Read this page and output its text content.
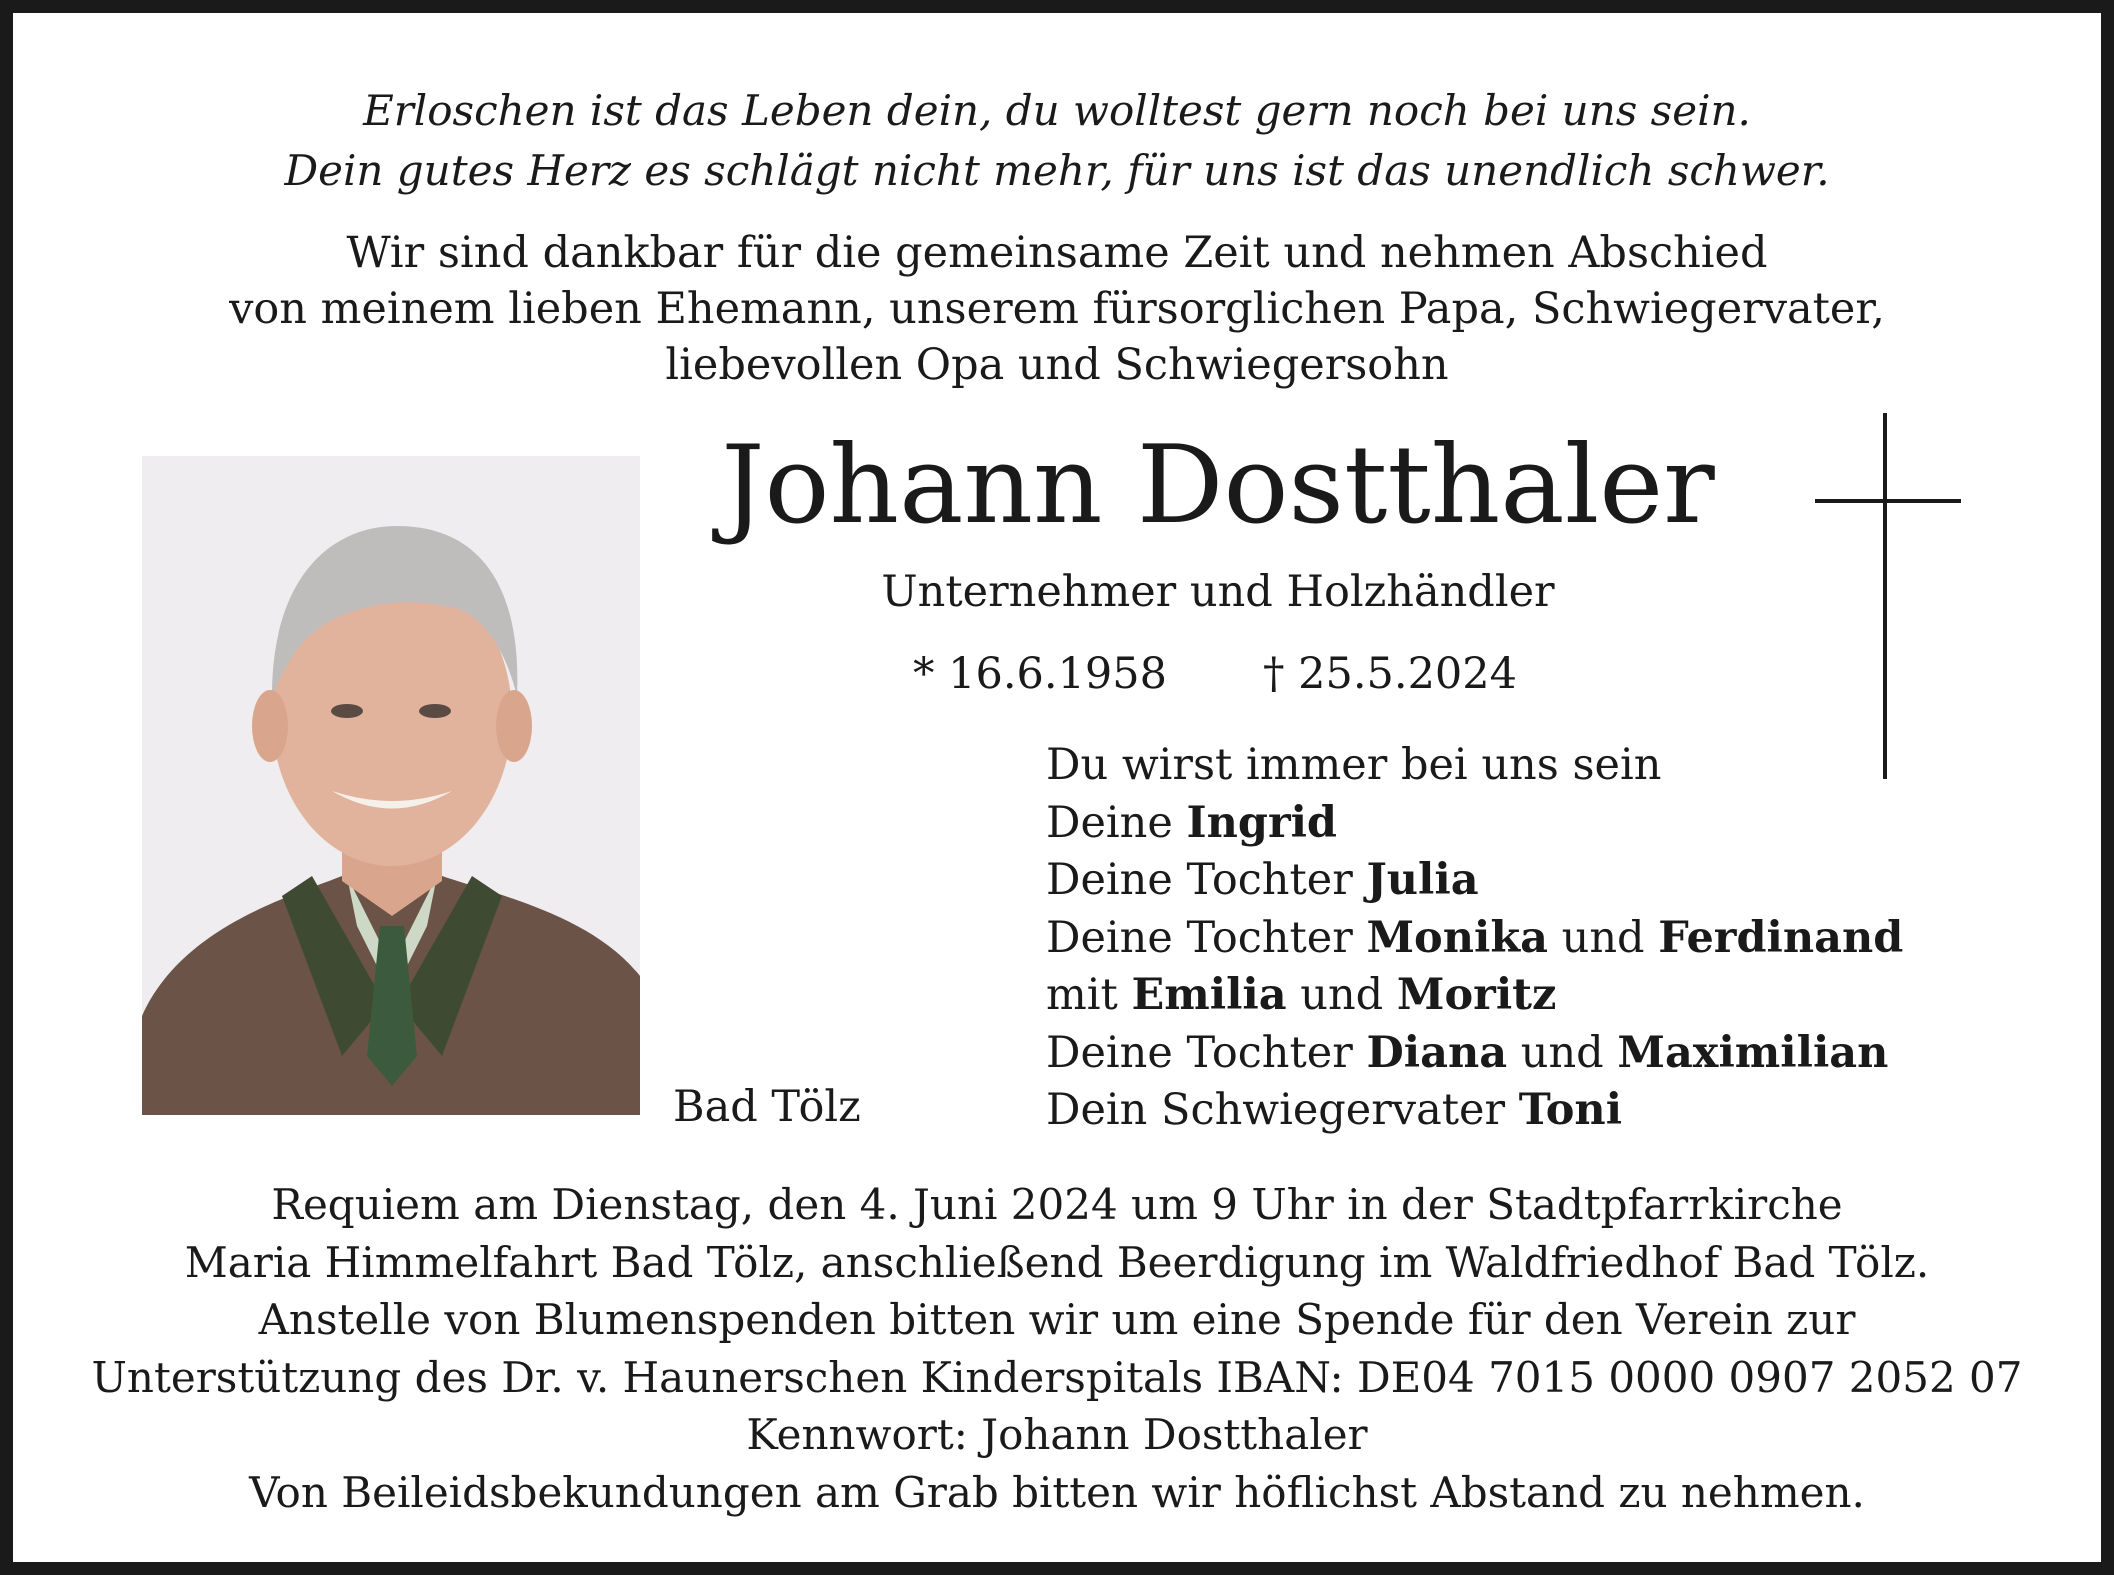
Erloschen ist das Leben dein, du wolltest gern noch bei uns sein.
Dein gutes Herz es schlägt nicht mehr, für uns ist das unendlich schwer.
Wir sind dankbar für die gemeinsame Zeit und nehmen Abschied
von meinem lieben Ehemann, unserem fürsorglichen Papa, Schwiegervater,
liebevollen Opa und Schwiegersohn
Johann Dostthaler
Unternehmer und Holzhändler
* 16.6.1958 † 25.5.2024
Bad Tölz
Du wirst immer bei uns sein
Deine Ingrid
Deine Tochter Julia
Deine Tochter Monika und Ferdinand
mit Emilia und Moritz
Deine Tochter Diana und Maximilian
Dein Schwiegervater Toni
Requiem am Dienstag, den 4. Juni 2024 um 9 Uhr in der Stadtpfarrkirche
Maria Himmelfahrt Bad Tölz, anschließend Beerdigung im Waldfriedhof Bad Tölz.
Anstelle von Blumenspenden bitten wir um eine Spende für den Verein zur
Unterstützung des Dr. v. Haunerschen Kinderspitals IBAN: DE04 7015 0000 0907 2052 07
Kennwort: Johann Dostthaler
Von Beileidsbekundungen am Grab bitten wir höflichst Abstand zu nehmen.
